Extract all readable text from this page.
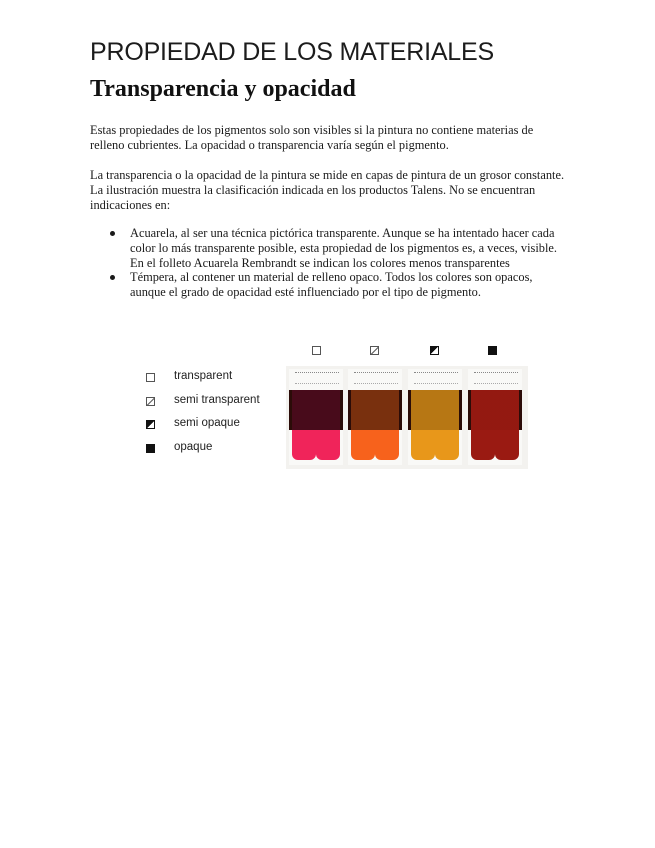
PROPIEDAD DE LOS MATERIALES
Transparencia y opacidad

Estas propiedades de los pigmentos solo son visibles si la pintura no contiene materias de relleno cubrientes. La opacidad o transparencia varía según el pigmento.

La transparencia o la opacidad de la pintura se mide en capas de pintura de un grosor constante. La ilustración muestra la clasificación indicada en los productos Talens. No se encuentran indicaciones en:

Acuarela, al ser una técnica pictórica transparente. Aunque se ha intentado hacer cada color lo más transparente posible, esta propiedad de los pigmentos es, a veces, visible. En el folleto Acuarela Rembrandt se indican los colores menos transparentes
Témpera, al contener un material de relleno opaco. Todos los colores son opacos, aunque el grado de opacidad esté influenciado por el tipo de pigmento.
transparent
semi transparent
semi opaque
opaque
